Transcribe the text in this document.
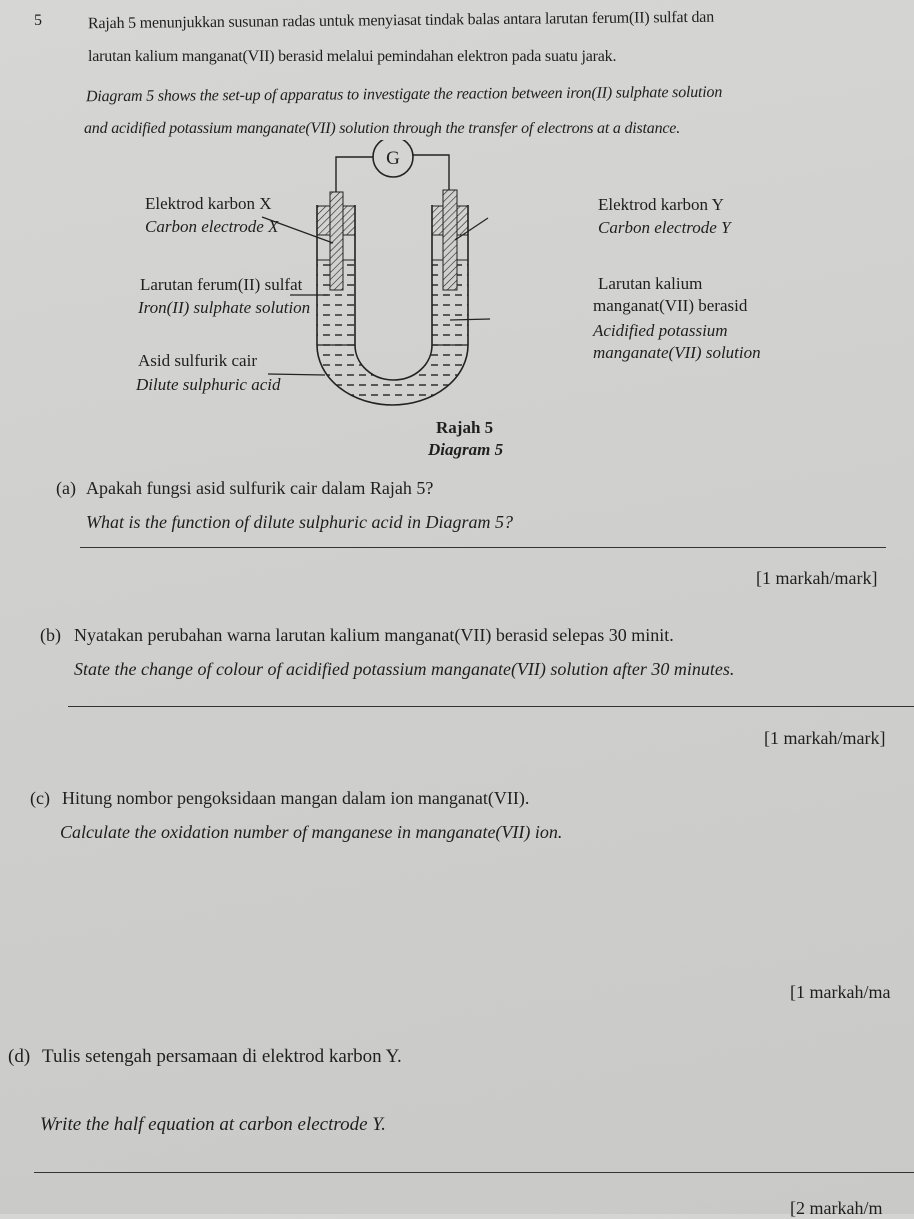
5	Rajah 5 menunjukkan susunan radas untuk menyiasat tindak balas antara larutan ferum(II) sulfat dan
larutan kalium manganat(VII) berasid melalui pemindahan elektron pada suatu jarak.
Diagram 5 shows the set-up of apparatus to investigate the reaction between iron(II) sulphate solution
and acidified potassium manganate(VII) solution through the transfer of electrons at a distance.
G
Elektrod karbon X
Carbon electrode X
Larutan ferum(II) sulfat
Iron(II) sulphate solution
Asid sulfurik cair
Dilute sulphuric acid
Elektrod karbon Y
Carbon electrode Y
Larutan kalium
manganat(VII) berasid
Acidified potassium
manganate(VII) solution
Rajah 5
Diagram 5
(a) Apakah fungsi asid sulfurik cair dalam Rajah 5?
What is the function of dilute sulphuric acid in Diagram 5?
[1 markah/mark]
(b) Nyatakan perubahan warna larutan kalium manganat(VII) berasid selepas 30 minit.
State the change of colour of acidified potassium manganate(VII) solution after 30 minutes.
[1 markah/mark]
(c) Hitung nombor pengoksidaan mangan dalam ion manganat(VII).
Calculate the oxidation number of manganese in manganate(VII) ion.
[1 markah/ma
(d) Tulis setengah persamaan di elektrod karbon Y.
Write the half equation at carbon electrode Y.
[2 markah/m
